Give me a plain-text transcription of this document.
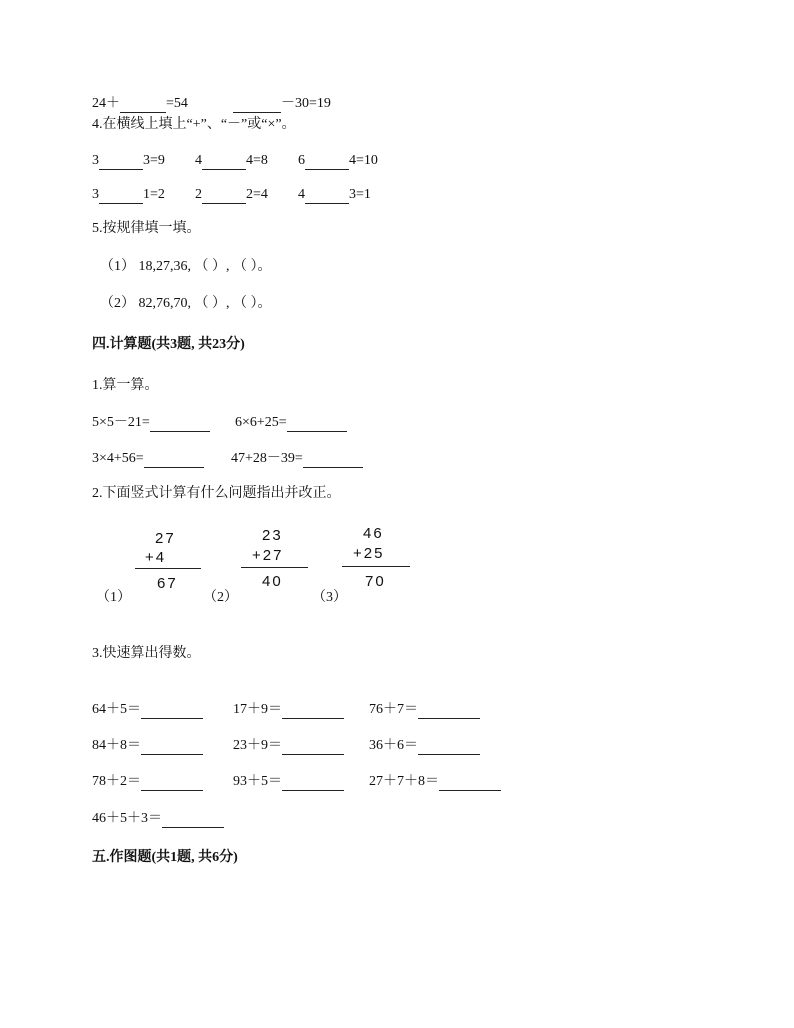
24＋	=54	－30=19
4.在横线上填上“+”、“－”或“×”。
3	3=9 4	4=8 6	4=10
3	1=2 2	2=4 4	3=1
5.按规律填一填。
（1） 18,27,36, （ ）, （ ）。
（2） 82,76,70, （ ）, （ ）。
四.计算题(共3题, 共23分)
1.算一算。
5×5－21=	6×6+25=
3×4+56=	47+28－39=
2.下面竖式计算有什么问题指出并改正。
27
+4
67
（1）
23
+27
40
（2）
46
+25
70
（3）
3.快速算出得数。
64＋5＝	17＋9＝	76＋7＝
84＋8＝	23＋9＝	36＋6＝
78＋2＝	93＋5＝	27＋7＋8＝
46＋5＋3＝
五.作图题(共1题, 共6分)
